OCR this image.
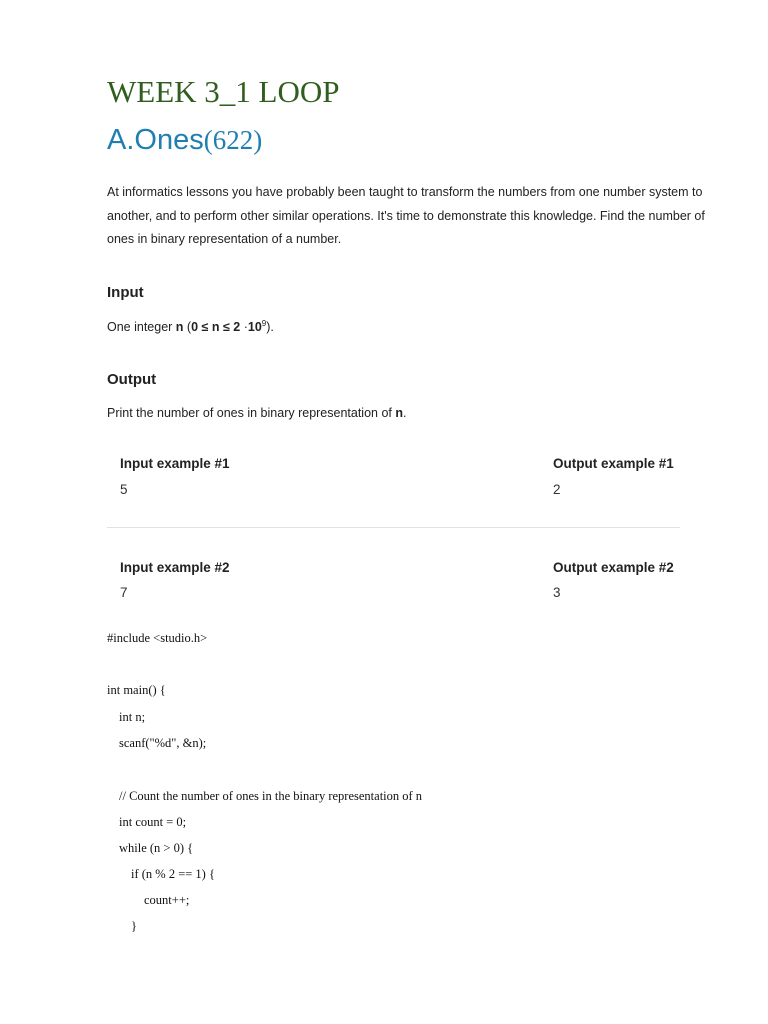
WEEK 3_1 LOOP
A.Ones(622)

At informatics lessons you have probably been taught to transform the numbers from one number system to another, and to perform other similar operations. It's time to demonstrate this knowledge. Find the number of ones in binary representation of a number.

Input

One integer n $(0 \le n \le 2 \cdot 10^9)$.

Output

Print the number of ones in binary representation of n.

Input example #1

5

Output example #1

2

Input example #2

7

Output example #2

3

#include <studio.h>

int main() {

int n;

scanf("%d", &n);

// Count the number of ones in the binary representation of n

int count = 0;

while (n > 0) {

if (n % 2 == 1) {

count++;

}
